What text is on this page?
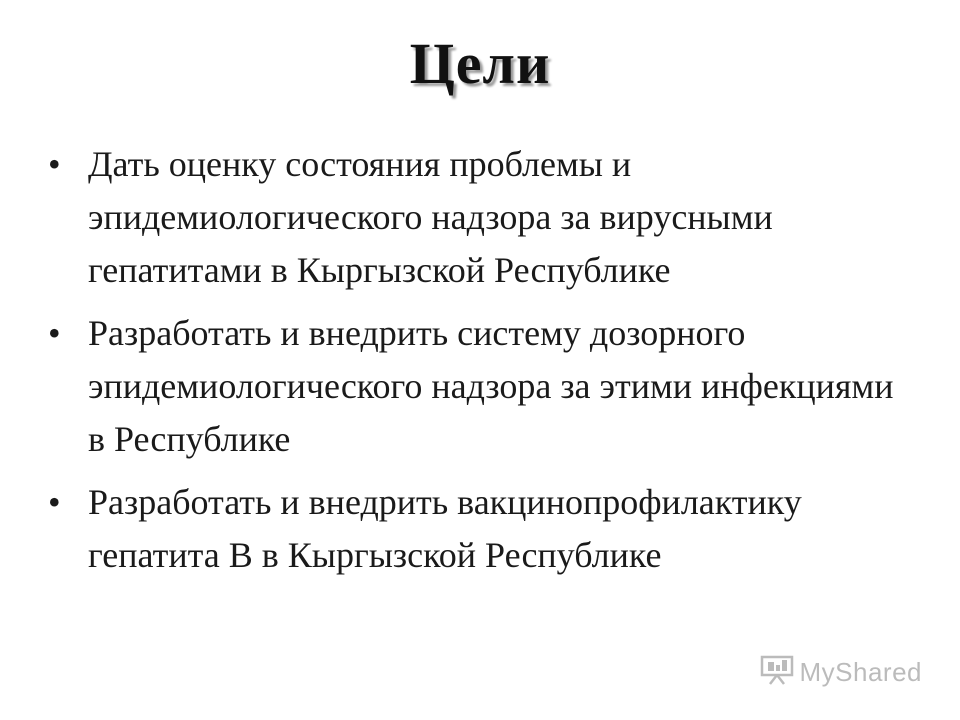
Цели
• Дать оценку состояния проблемы и эпидемиологического надзора за вирусными гепатитами в Кыргызской Республике
• Разработать и внедрить систему дозорного эпидемиологического надзора за этими инфекциями в Республике
• Разработать и внедрить вакцинопрофилактику гепатита В в Кыргызской Республике
MyShared
